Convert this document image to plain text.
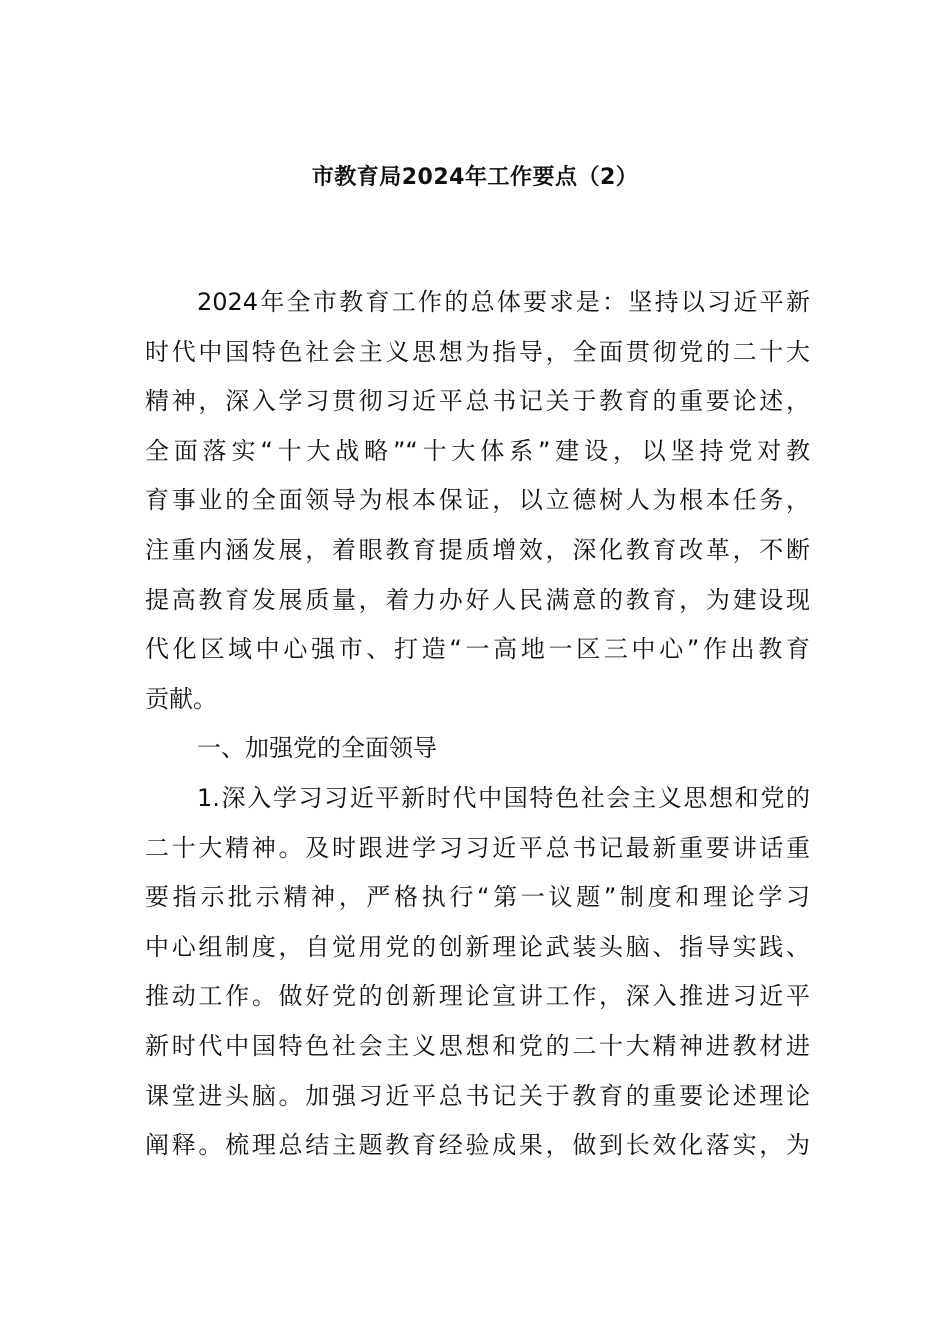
市教育局2024年工作要点（2）
2024年全市教育工作的总体要求是：坚持以习近平新
时代中国特色社会主义思想为指导，全面贯彻党的二十大
精神，深入学习贯彻习近平总书记关于教育的重要论述，
全面落实“十大战略”“十大体系”建设，以坚持党对教
育事业的全面领导为根本保证，以立德树人为根本任务，
注重内涵发展，着眼教育提质增效，深化教育改革，不断
提高教育发展质量，着力办好人民满意的教育，为建设现
代化区域中心强市、打造“一高地一区三中心”作出教育
贡献。
一、加强党的全面领导
1.深入学习习近平新时代中国特色社会主义思想和党的
二十大精神。及时跟进学习习近平总书记最新重要讲话重
要指示批示精神，严格执行“第一议题”制度和理论学习
中心组制度，自觉用党的创新理论武装头脑、指导实践、
推动工作。做好党的创新理论宣讲工作，深入推进习近平
新时代中国特色社会主义思想和党的二十大精神进教材进
课堂进头脑。加强习近平总书记关于教育的重要论述理论
阐释。梳理总结主题教育经验成果，做到长效化落实，为
